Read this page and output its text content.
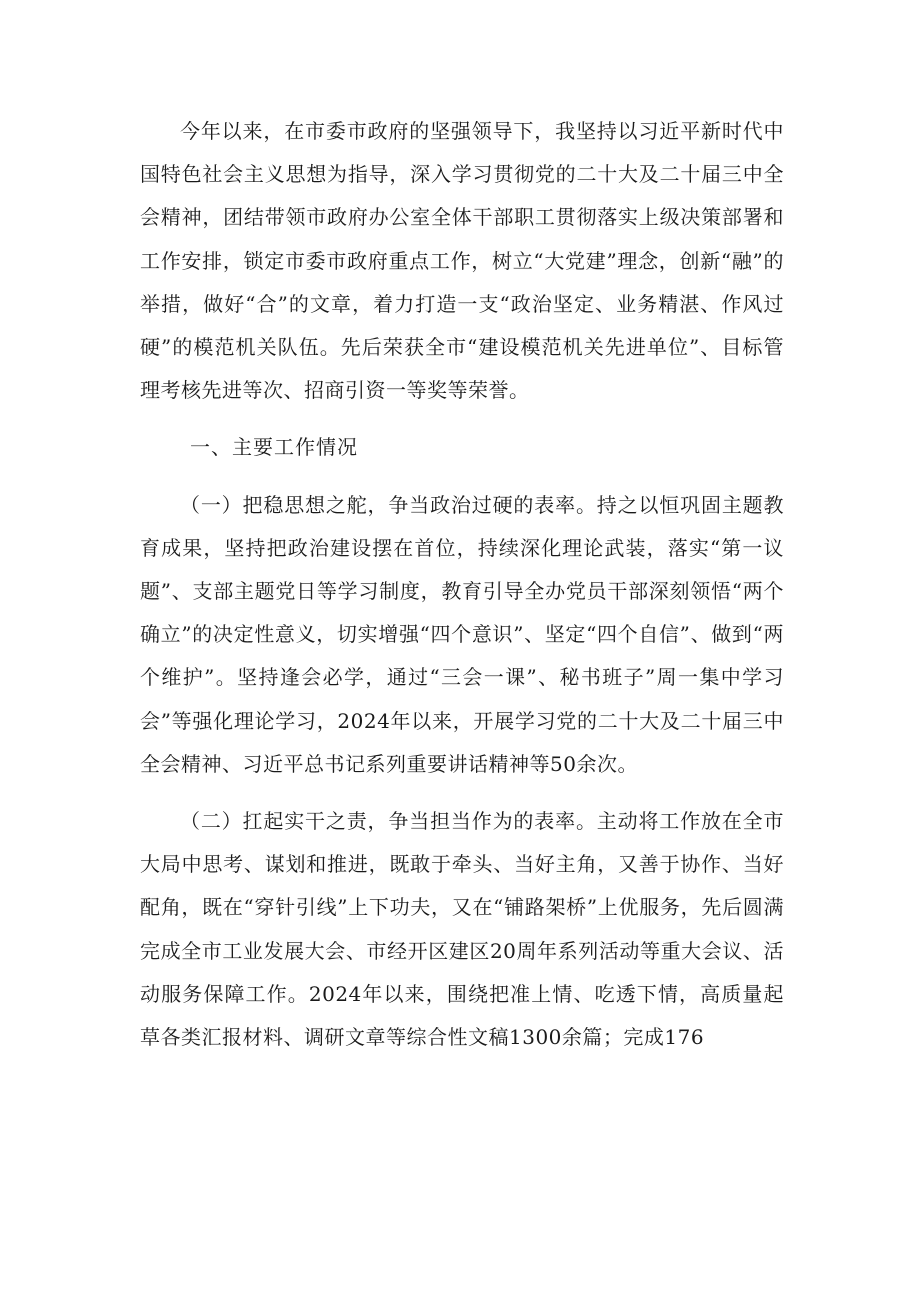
今年以来，在市委市政府的坚强领导下，我坚持以习近平新时代中国特色社会主义思想为指导，深入学习贯彻党的二十大及二十届三中全会精神，团结带领市政府办公室全体干部职工贯彻落实上级决策部署和工作安排，锁定市委市政府重点工作，树立“大党建”理念，创新“融”的举措，做好“合”的文章，着力打造一支“政治坚定、业务精湛、作风过硬”的模范机关队伍。先后荣获全市“建设模范机关先进单位”、目标管理考核先进等次、招商引资一等奖等荣誉。

一、主要工作情况

（一）把稳思想之舵，争当政治过硬的表率。持之以恒巩固主题教育成果，坚持把政治建设摆在首位，持续深化理论武装，落实“第一议题”、支部主题党日等学习制度，教育引导全办党员干部深刻领悟“两个确立”的决定性意义，切实增强“四个意识”、坚定“四个自信”、做到“两个维护”。坚持逢会必学，通过“三会一课”、秘书班子”周一集中学习会”等强化理论学习，2024年以来，开展学习党的二十大及二十届三中全会精神、习近平总书记系列重要讲话精神等50余次。

（二）扛起实干之责，争当担当作为的表率。主动将工作放在全市大局中思考、谋划和推进，既敢于牵头、当好主角，又善于协作、当好配角，既在“穿针引线”上下功夫，又在“铺路架桥”上优服务，先后圆满完成全市工业发展大会、市经开区建区20周年系列活动等重大会议、活动服务保障工作。2024年以来，围绕把准上情、吃透下情，高质量起草各类汇报材料、调研文章等综合性文稿1300余篇；完成176
